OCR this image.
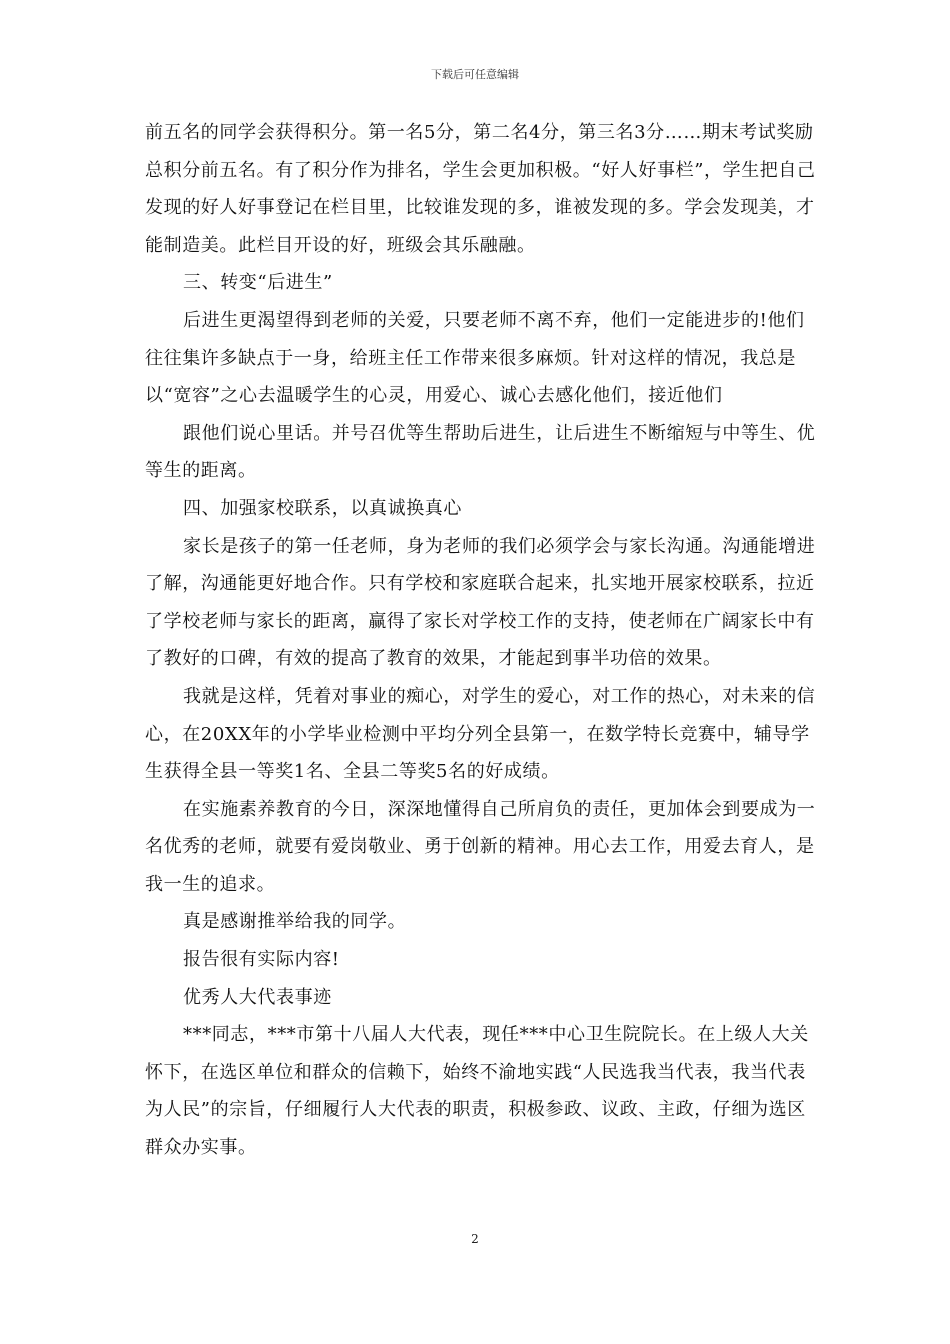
下载后可任意编辑

前五名的同学会获得积分。第一名5分，第二名4分，第三名3分……期末考试奖励总积分前五名。有了积分作为排名，学生会更加积极。“好人好事栏”，学生把自己发现的好人好事登记在栏目里，比较谁发现的多，谁被发现的多。学会发现美，才能制造美。此栏目开设的好，班级会其乐融融。

三、转变“后进生”

后进生更渴望得到老师的关爱，只要老师不离不弃，他们一定能进步的!他们往往集许多缺点于一身，给班主任工作带来很多麻烦。针对这样的情况，我总是以“宽容”之心去温暖学生的心灵，用爱心、诚心去感化他们，接近他们

跟他们说心里话。并号召优等生帮助后进生，让后进生不断缩短与中等生、优等生的距离。

四、加强家校联系，以真诚换真心

家长是孩子的第一任老师，身为老师的我们必须学会与家长沟通。沟通能增进了解，沟通能更好地合作。只有学校和家庭联合起来，扎实地开展家校联系，拉近了学校老师与家长的距离，赢得了家长对学校工作的支持，使老师在广阔家长中有了教好的口碑，有效的提高了教育的效果，才能起到事半功倍的效果。

我就是这样，凭着对事业的痴心，对学生的爱心，对工作的热心，对未来的信心，在20XX年的小学毕业检测中平均分列全县第一，在数学特长竞赛中，辅导学生获得全县一等奖1名、全县二等奖5名的好成绩。

在实施素养教育的今日，深深地懂得自己所肩负的责任，更加体会到要成为一名优秀的老师，就要有爱岗敬业、勇于创新的精神。用心去工作，用爱去育人，是我一生的追求。

真是感谢推举给我的同学。

报告很有实际内容!

优秀人大代表事迹

***同志，***市第十八届人大代表，现任***中心卫生院院长。在上级人大关怀下，在选区单位和群众的信赖下，始终不渝地实践“人民选我当代表，我当代表为人民”的宗旨，仔细履行人大代表的职责，积极参政、议政、主政，仔细为选区群众办实事。

2
